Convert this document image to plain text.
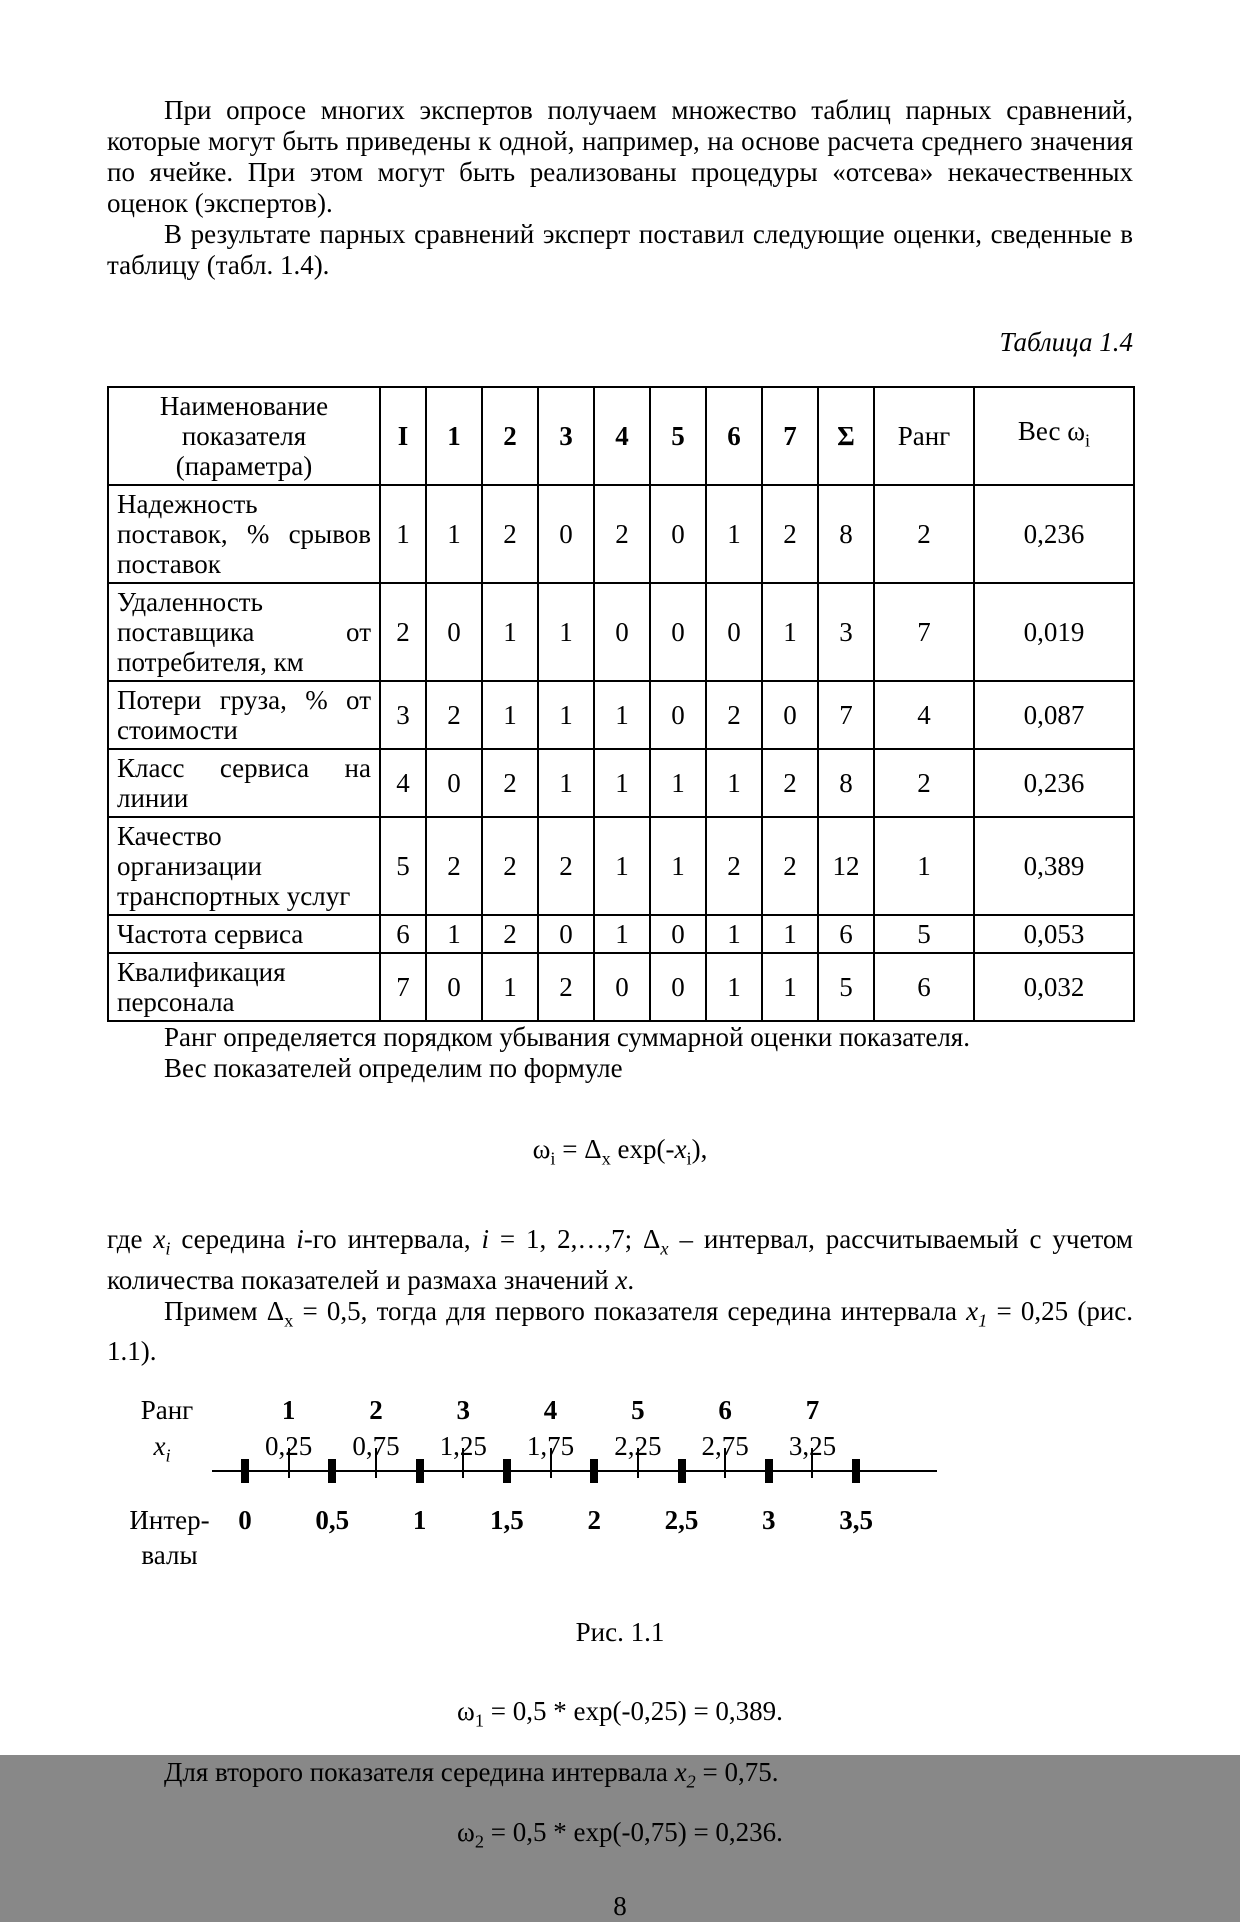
При опросе многих экспертов получаем множество таблиц парных сравнений, которые могут быть приведены к одной, например, на основе расчета среднего значения по ячейке. При этом могут быть реализованы процедуры «отсева» некачественных оценок (экспертов).

В результате парных сравнений эксперт поставил следующие оценки, сведенные в таблицу (табл. 1.4).

Таблица 1.4

Наименование показателя (параметра)	I	1	2	3	4	5	6	7	Σ	Ранг	Вес $\omega_i$
Надежность поставок, % срывов поставок	1	1	2	0	2	0	1	2	8	2	0,236
Удаленность поставщика от потребителя, км	2	0	1	1	0	0	0	1	3	7	0,019
Потери груза, % от стоимости	3	2	1	1	1	0	2	0	7	4	0,087
Класс сервиса на линии	4	0	2	1	1	1	1	2	8	2	0,236
Качество организации транспортных услуг	5	2	2	2	1	1	2	2	12	1	0,389
Частота сервиса	6	1	2	0	1	0	1	1	6	5	0,053
Квалификация персонала	7	0	1	2	0	0	1	1	5	6	0,032

Ранг определяется порядком убывания суммарной оценки показателя.

Вес показателей определим по формуле

$\omega_i = \Delta_x$ $\exp(-x_i)$,

где $x_i$ середина i-го интервала, i = 1, 2,…,7; $\Delta_x$ – интервал, рассчитываемый с учетом количества показателей и размаха значений x.

Примем $\Delta_x = 0,5$, тогда для первого показателя середина интервала $x_1 = 0,25$ (рис. 1.1).

Ранг
$x_i$
Интер-
валы
0	0,5	1	1,5	2	2,5	3	3,5
1
0,25
2
0,75
3
1,25
4
1,75
5
2,25
6
2,75
7
3,25

Рис. 1.1

$\omega_1 = 0,5 * \exp(-0,25) = 0,389$.

Для второго показателя середина интервала $x_2 = 0,75$.

$\omega_2 = 0,5 * \exp(-0,75) = 0,236$.

8
